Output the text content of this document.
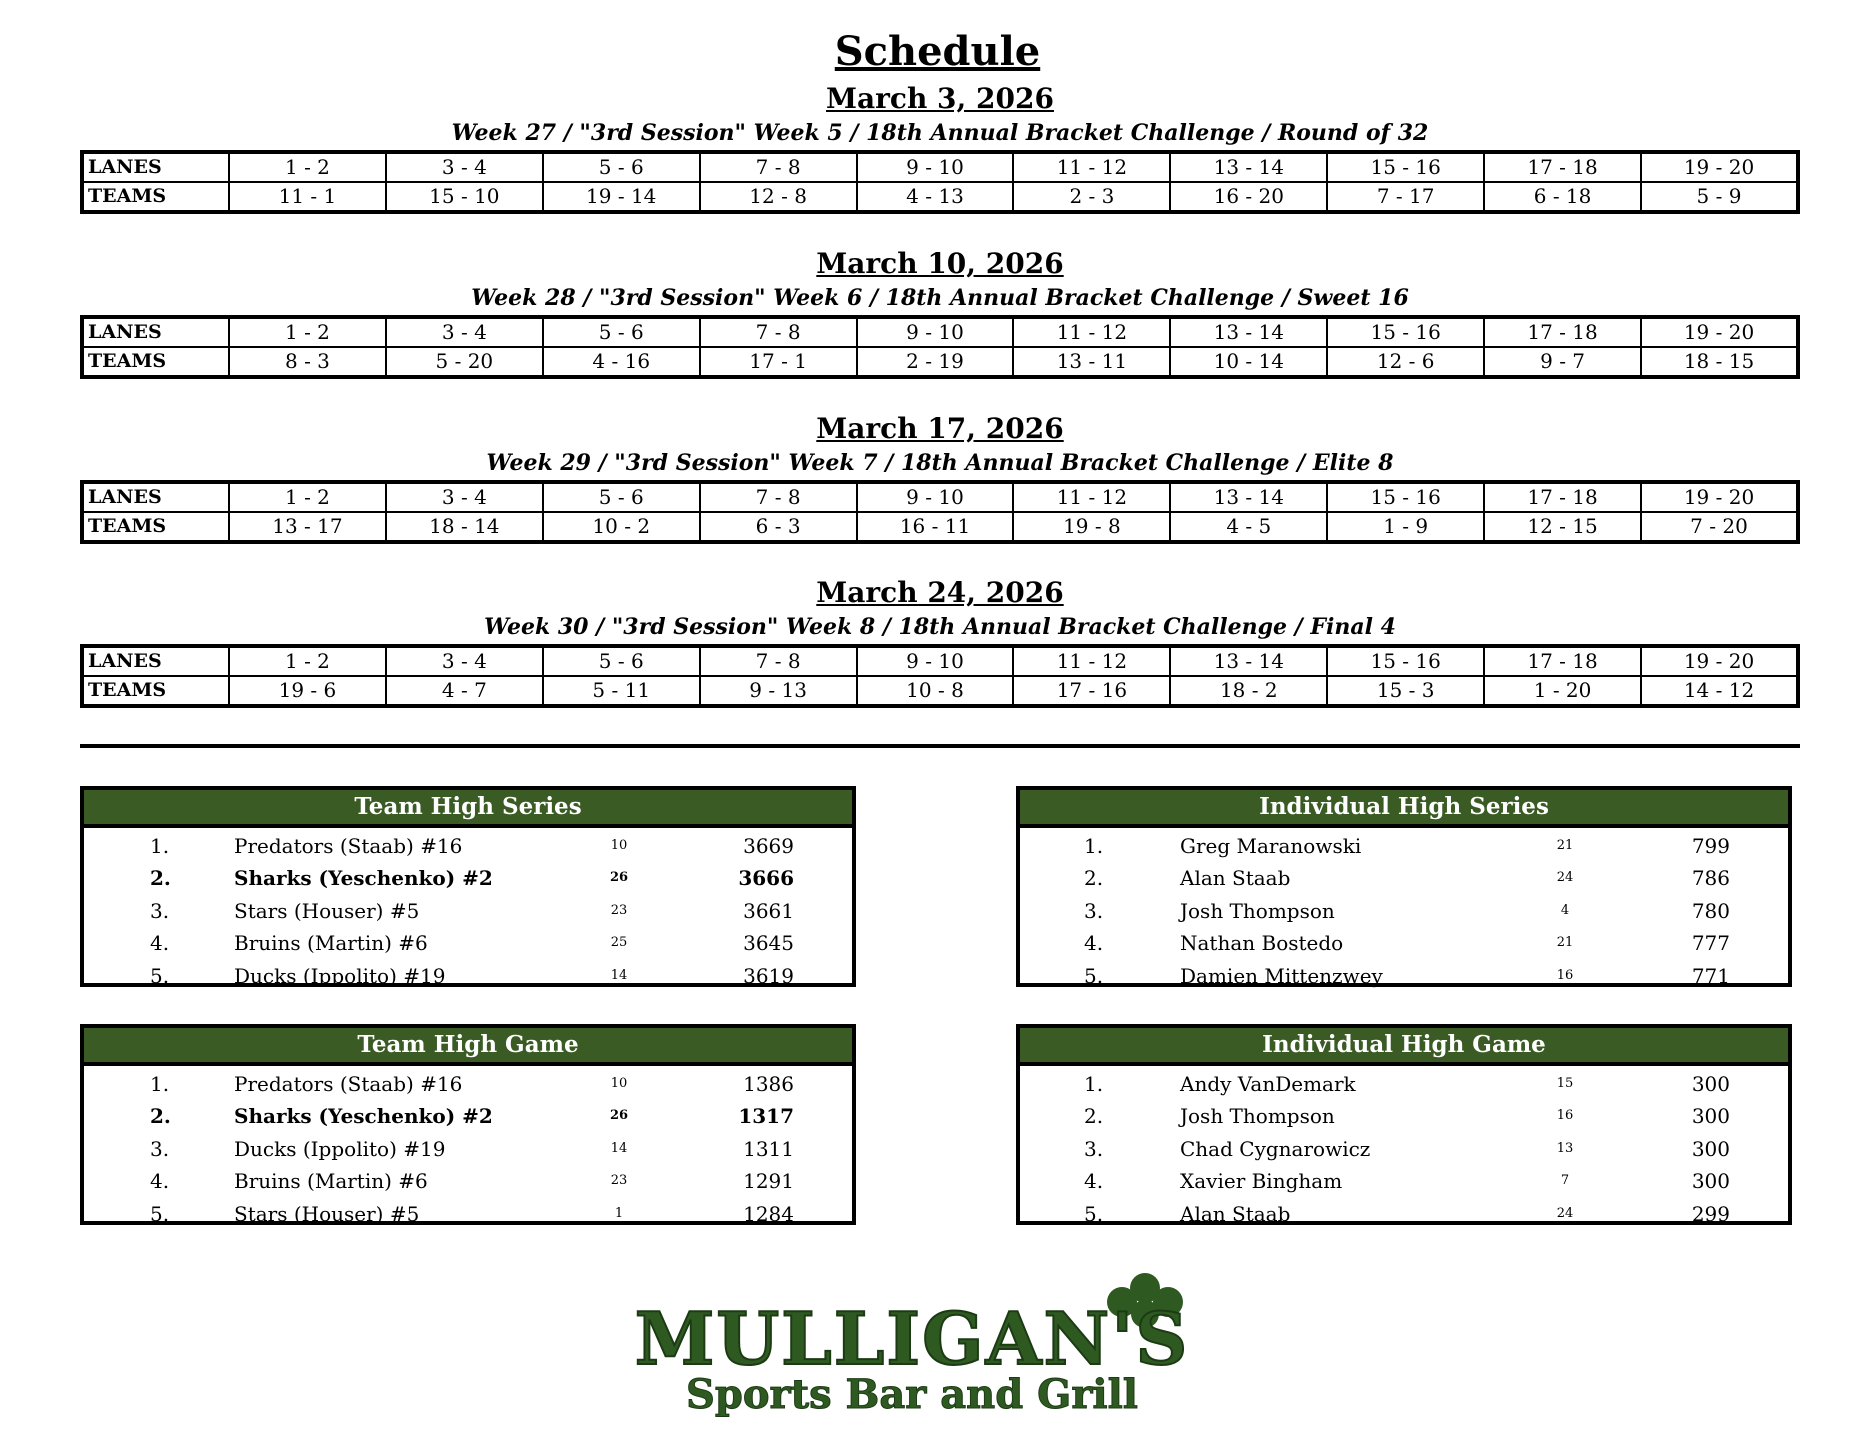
Schedule
March 3, 2026
Week 27 / "3rd Session" Week 5 / 18th Annual Bracket Challenge / Round of 32
LANES	1 - 2	3 - 4	5 - 6	7 - 8	9 - 10	11 - 12	13 - 14	15 - 16	17 - 18	19 - 20
TEAMS	11 - 1	15 - 10	19 - 14	12 - 8	4 - 13	2 - 3	16 - 20	7 - 17	6 - 18	5 - 9
March 10, 2026
Week 28 / "3rd Session" Week 6 / 18th Annual Bracket Challenge / Sweet 16
LANES	1 - 2	3 - 4	5 - 6	7 - 8	9 - 10	11 - 12	13 - 14	15 - 16	17 - 18	19 - 20
TEAMS	8 - 3	5 - 20	4 - 16	17 - 1	2 - 19	13 - 11	10 - 14	12 - 6	9 - 7	18 - 15
March 17, 2026
Week 29 / "3rd Session" Week 7 / 18th Annual Bracket Challenge / Elite 8
LANES	1 - 2	3 - 4	5 - 6	7 - 8	9 - 10	11 - 12	13 - 14	15 - 16	17 - 18	19 - 20
TEAMS	13 - 17	18 - 14	10 - 2	6 - 3	16 - 11	19 - 8	4 - 5	1 - 9	12 - 15	7 - 20
March 24, 2026
Week 30 / "3rd Session" Week 8 / 18th Annual Bracket Challenge / Final 4
LANES	1 - 2	3 - 4	5 - 6	7 - 8	9 - 10	11 - 12	13 - 14	15 - 16	17 - 18	19 - 20
TEAMS	19 - 6	4 - 7	5 - 11	9 - 13	10 - 8	17 - 16	18 - 2	15 - 3	1 - 20	14 - 12
Team High Series
1.	Predators (Staab) #16	10	3669
2.	Sharks (Yeschenko) #2	26	3666
3.	Stars (Houser) #5	23	3661
4.	Bruins (Martin) #6	25	3645
5.	Ducks (Ippolito) #19	14	3619
Individual High Series
1.	Greg Maranowski	21	799
2.	Alan Staab	24	786
3.	Josh Thompson	4	780
4.	Nathan Bostedo	21	777
5.	Damien Mittenzwey	16	771
Team High Game
1.	Predators (Staab) #16	10	1386
2.	Sharks (Yeschenko) #2	26	1317
3.	Ducks (Ippolito) #19	14	1311
4.	Bruins (Martin) #6	23	1291
5.	Stars (Houser) #5	1	1284
Individual High Game
1.	Andy VanDemark	15	300
2.	Josh Thompson	16	300
3.	Chad Cygnarowicz	13	300
4.	Xavier Bingham	7	300
5.	Alan Staab	24	299
MULLIGAN'S
Sports Bar and Grill
